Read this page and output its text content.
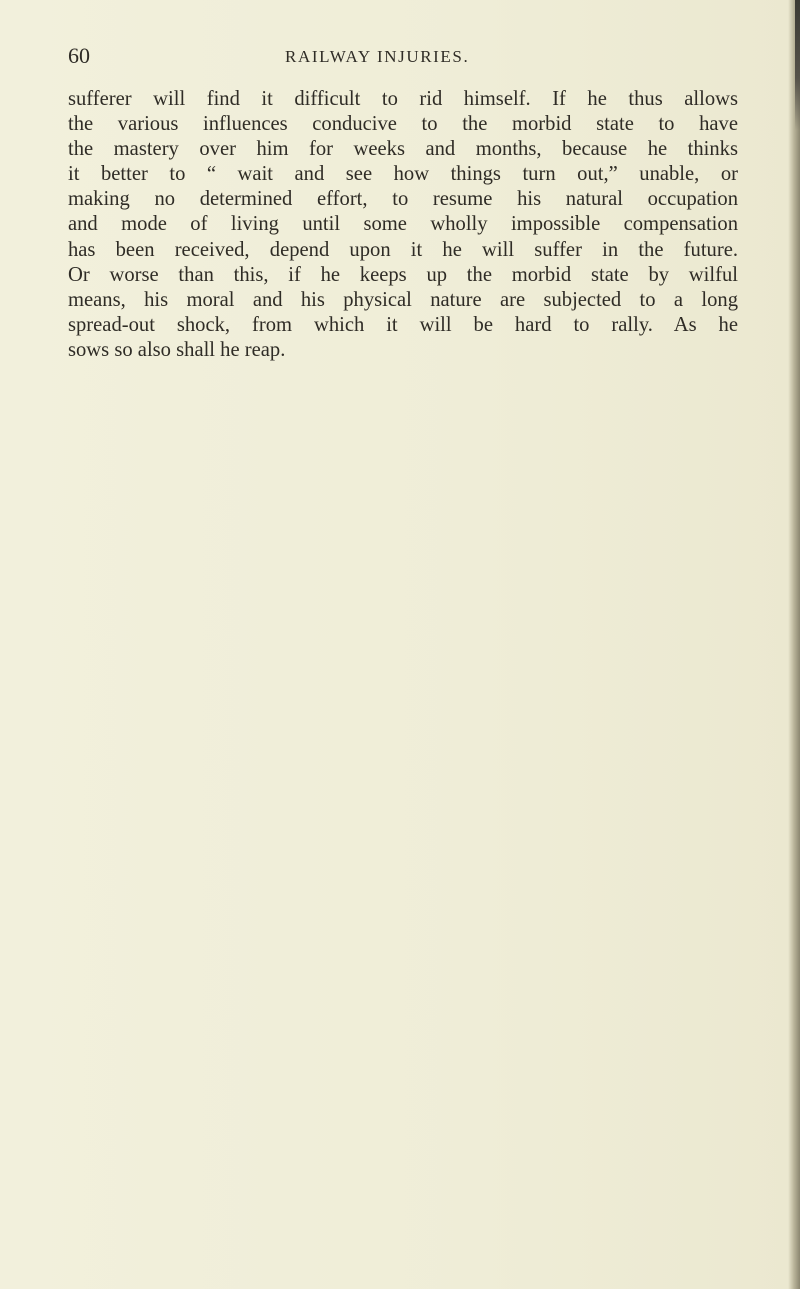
60	RAILWAY INJURIES.

sufferer will find it difficult to rid himself. If he thus allows
the various influences conducive to the morbid state to have
the mastery over him for weeks and months, because he thinks
it better to “ wait and see how things turn out,” unable, or
making no determined effort, to resume his natural occupation
and mode of living until some wholly impossible compensation
has been received, depend upon it he will suffer in the future.
Or worse than this, if he keeps up the morbid state by wilful
means, his moral and his physical nature are subjected to a long
spread-out shock, from which it will be hard to rally. As he
sows so also shall he reap.
